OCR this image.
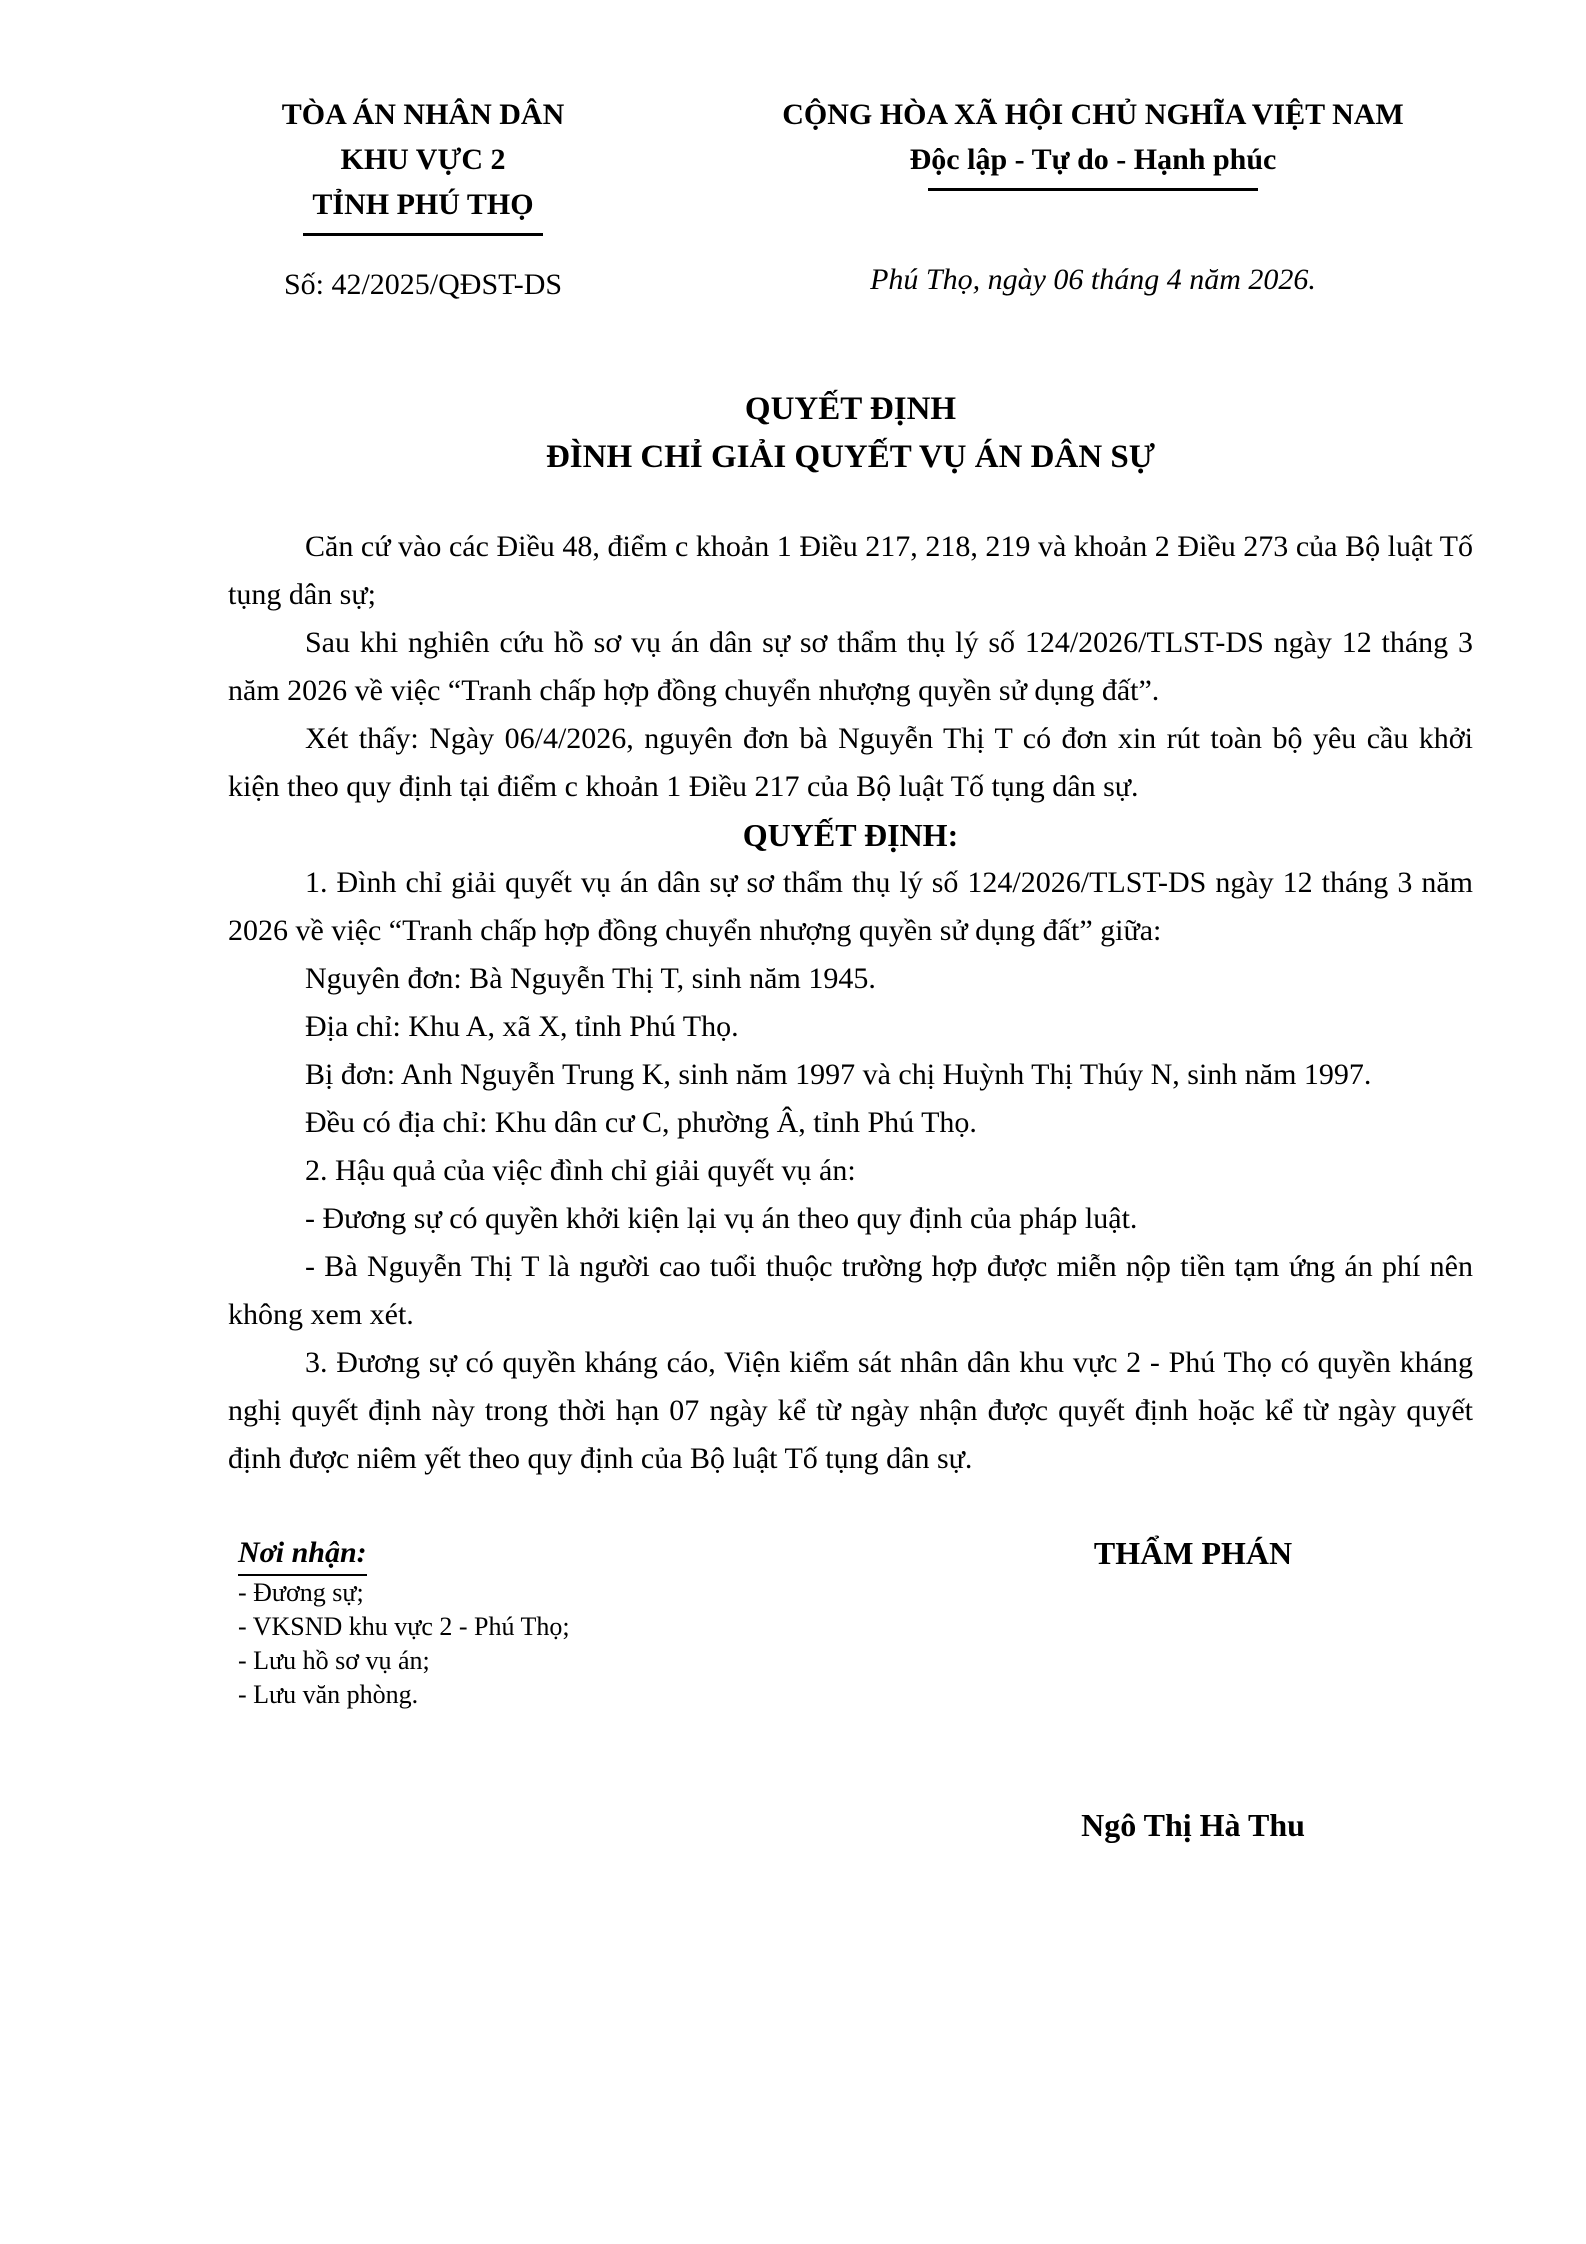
TÒA ÁN NHÂN DÂN
KHU VỰC 2
TỈNH PHÚ THỌ
Số: 42/2025/QĐST-DS
CỘNG HÒA XÃ HỘI CHỦ NGHĨA VIỆT NAM
Độc lập - Tự do - Hạnh phúc
Phú Thọ, ngày 06 tháng 4 năm 2026.
QUYẾT ĐỊNH
ĐÌNH CHỈ GIẢI QUYẾT VỤ ÁN DÂN SỰ

Căn cứ vào các Điều 48, điểm c khoản 1 Điều 217, 218, 219 và khoản 2 Điều 273 của Bộ luật Tố tụng dân sự;

Sau khi nghiên cứu hồ sơ vụ án dân sự sơ thẩm thụ lý số 124/2026/TLST-DS ngày 12 tháng 3 năm 2026 về việc “Tranh chấp hợp đồng chuyển nhượng quyền sử dụng đất”.

Xét thấy: Ngày 06/4/2026, nguyên đơn bà Nguyễn Thị T có đơn xin rút toàn bộ yêu cầu khởi kiện theo quy định tại điểm c khoản 1 Điều 217 của Bộ luật Tố tụng dân sự.

QUYẾT ĐỊNH:

1. Đình chỉ giải quyết vụ án dân sự sơ thẩm thụ lý số 124/2026/TLST-DS ngày 12 tháng 3 năm 2026 về việc “Tranh chấp hợp đồng chuyển nhượng quyền sử dụng đất” giữa:

Nguyên đơn: Bà Nguyễn Thị T, sinh năm 1945.

Địa chỉ: Khu A, xã X, tỉnh Phú Thọ.

Bị đơn: Anh Nguyễn Trung K, sinh năm 1997 và chị Huỳnh Thị Thúy N, sinh năm 1997.

Đều có địa chỉ: Khu dân cư C, phường Â, tỉnh Phú Thọ.

2. Hậu quả của việc đình chỉ giải quyết vụ án:

- Đương sự có quyền khởi kiện lại vụ án theo quy định của pháp luật.

- Bà Nguyễn Thị T là người cao tuổi thuộc trường hợp được miễn nộp tiền tạm ứng án phí nên không xem xét.

3. Đương sự có quyền kháng cáo, Viện kiểm sát nhân dân khu vực 2 - Phú Thọ có quyền kháng nghị quyết định này trong thời hạn 07 ngày kể từ ngày nhận được quyết định hoặc kể từ ngày quyết định được niêm yết theo quy định của Bộ luật Tố tụng dân sự.

Nơi nhận:
- Đương sự;
- VKSND khu vực 2 - Phú Thọ;
- Lưu hồ sơ vụ án;
- Lưu văn phòng.
THẨM PHÁN
Ngô Thị Hà Thu
